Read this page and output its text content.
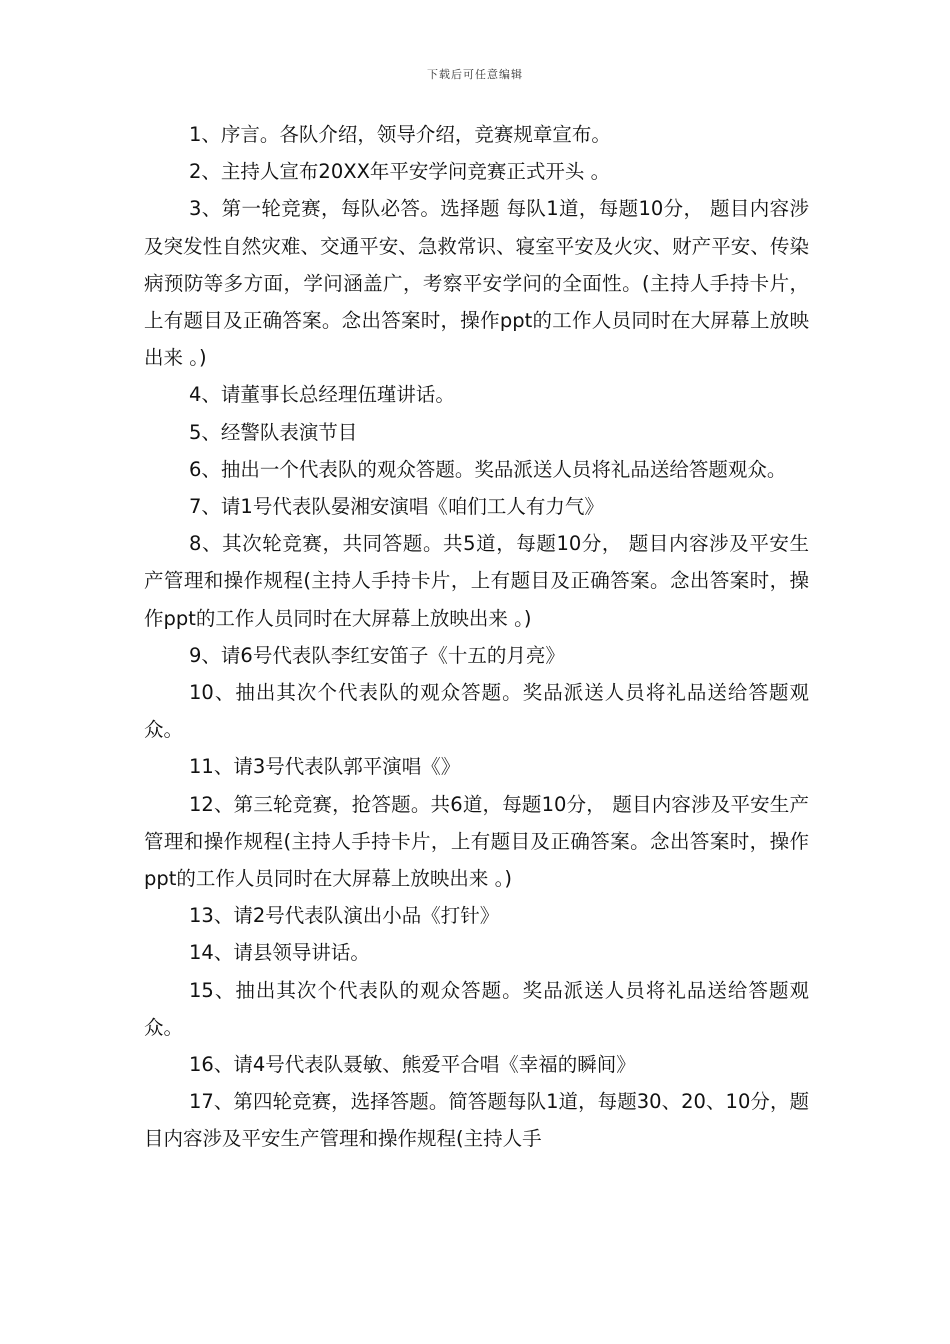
下载后可任意编辑

1、序言。各队介绍，领导介绍，竞赛规章宣布。

2、主持人宣布20XX年平安学问竞赛正式开头 。

3、第一轮竞赛，每队必答。选择题 每队1道，每题10分， 题目内容涉及突发性自然灾难、交通平安、急救常识、寝室平安及火灾、财产平安、传染病预防等多方面，学问涵盖广，考察平安学问的全面性。(主持人手持卡片，上有题目及正确答案。念出答案时，操作ppt的工作人员同时在大屏幕上放映出来 。)

4、请董事长总经理伍瑾讲话。

5、经警队表演节目

6、抽出一个代表队的观众答题。奖品派送人员将礼品送给答题观众。

7、请1号代表队晏湘安演唱《咱们工人有力气》

8、其次轮竞赛，共同答题。共5道，每题10分， 题目内容涉及平安生产管理和操作规程(主持人手持卡片，上有题目及正确答案。念出答案时，操作ppt的工作人员同时在大屏幕上放映出来 。)

9、请6号代表队李红安笛子《十五的月亮》

10、抽出其次个代表队的观众答题。奖品派送人员将礼品送给答题观众。

11、请3号代表队郭平演唱《》

12、第三轮竞赛，抢答题。共6道，每题10分， 题目内容涉及平安生产管理和操作规程(主持人手持卡片，上有题目及正确答案。念出答案时，操作ppt的工作人员同时在大屏幕上放映出来 。)

13、请2号代表队演出小品《打针》

14、请县领导讲话。

15、抽出其次个代表队的观众答题。奖品派送人员将礼品送给答题观众。

16、请4号代表队聂敏、熊爱平合唱《幸福的瞬间》

17、第四轮竞赛，选择答题。简答题每队1道，每题30、20、10分，题目内容涉及平安生产管理和操作规程(主持人手
